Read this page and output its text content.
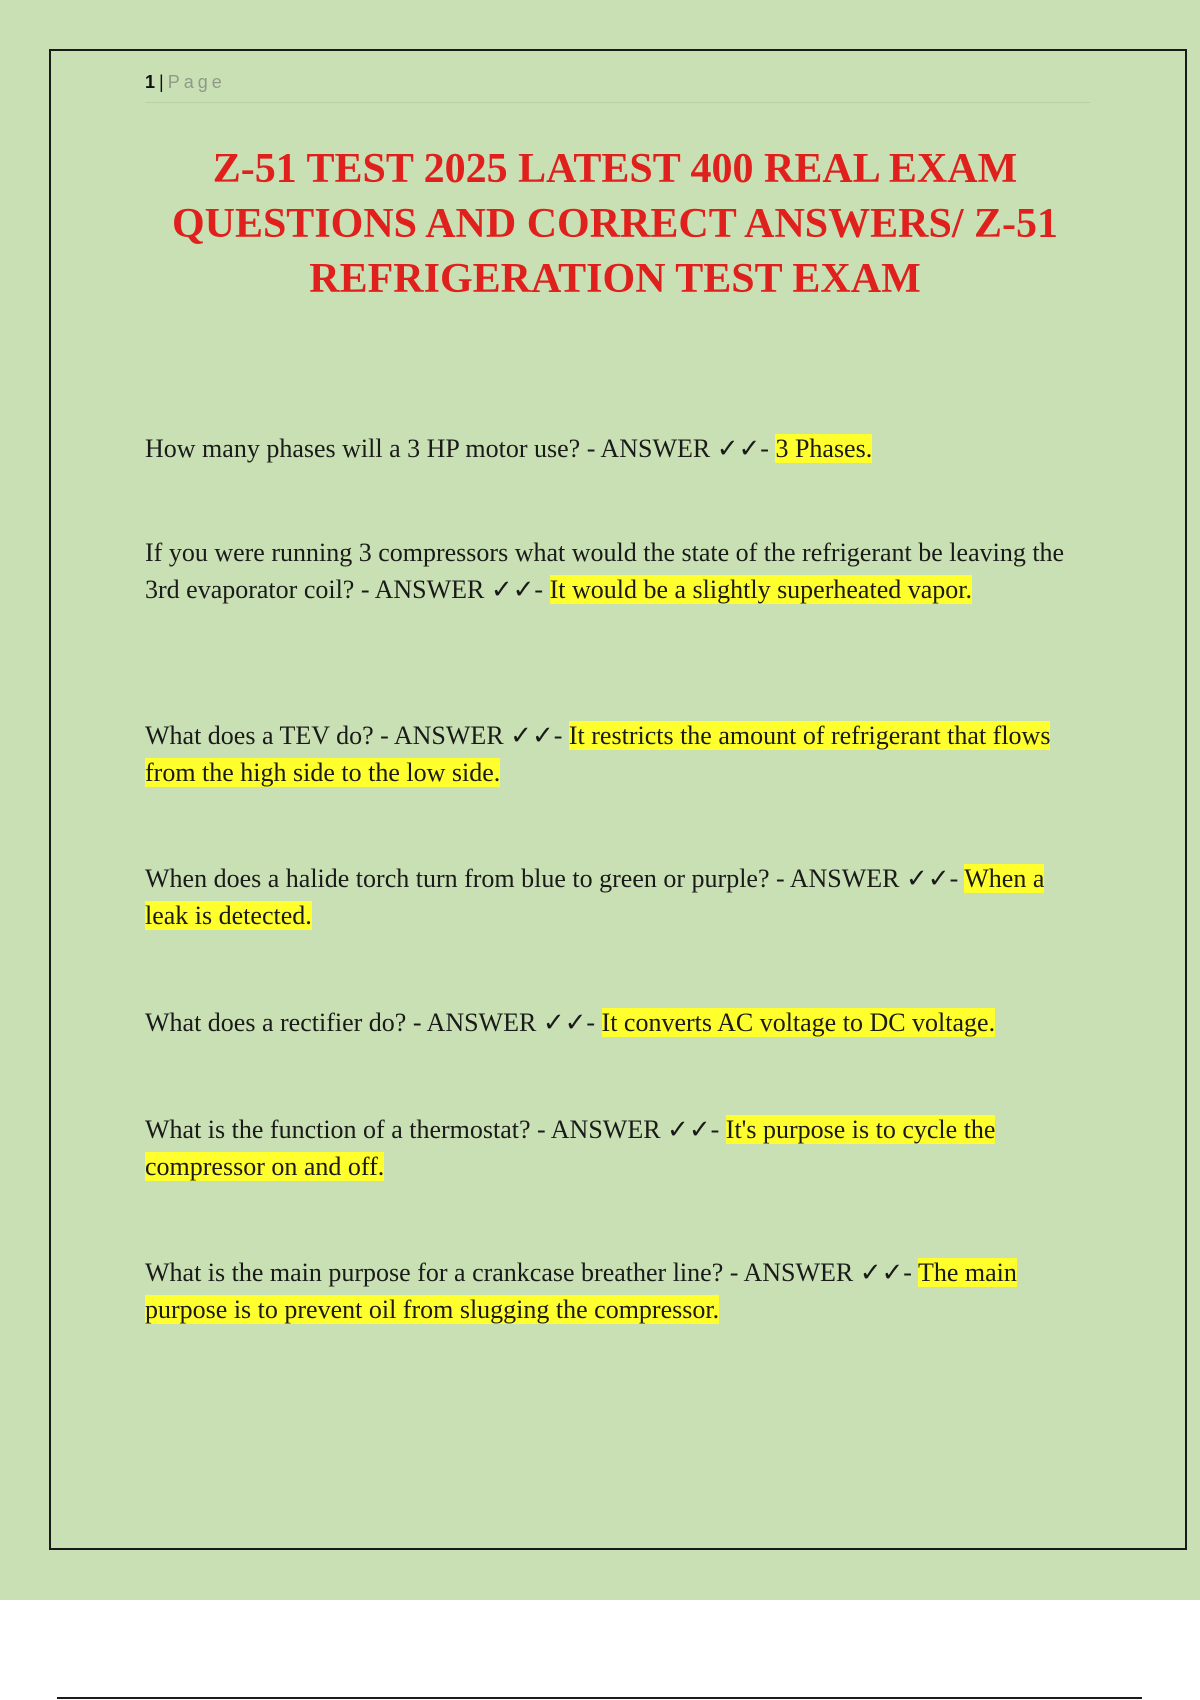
1 | Page
Z-51 TEST 2025 LATEST 400 REAL EXAM QUESTIONS AND CORRECT ANSWERS/ Z-51 REFRIGERATION TEST EXAM
How many phases will a 3 HP motor use? - ANSWER ✓✓- 3 Phases.
If you were running 3 compressors what would the state of the refrigerant be leaving the 3rd evaporator coil? - ANSWER ✓✓- It would be a slightly superheated vapor.
What does a TEV do? - ANSWER ✓✓- It restricts the amount of refrigerant that flows from the high side to the low side.
When does a halide torch turn from blue to green or purple? - ANSWER ✓✓- When a leak is detected.
What does a rectifier do? - ANSWER ✓✓- It converts AC voltage to DC voltage.
What is the function of a thermostat? - ANSWER ✓✓- It's purpose is to cycle the compressor on and off.
What is the main purpose for a crankcase breather line? - ANSWER ✓✓- The main purpose is to prevent oil from slugging the compressor.
